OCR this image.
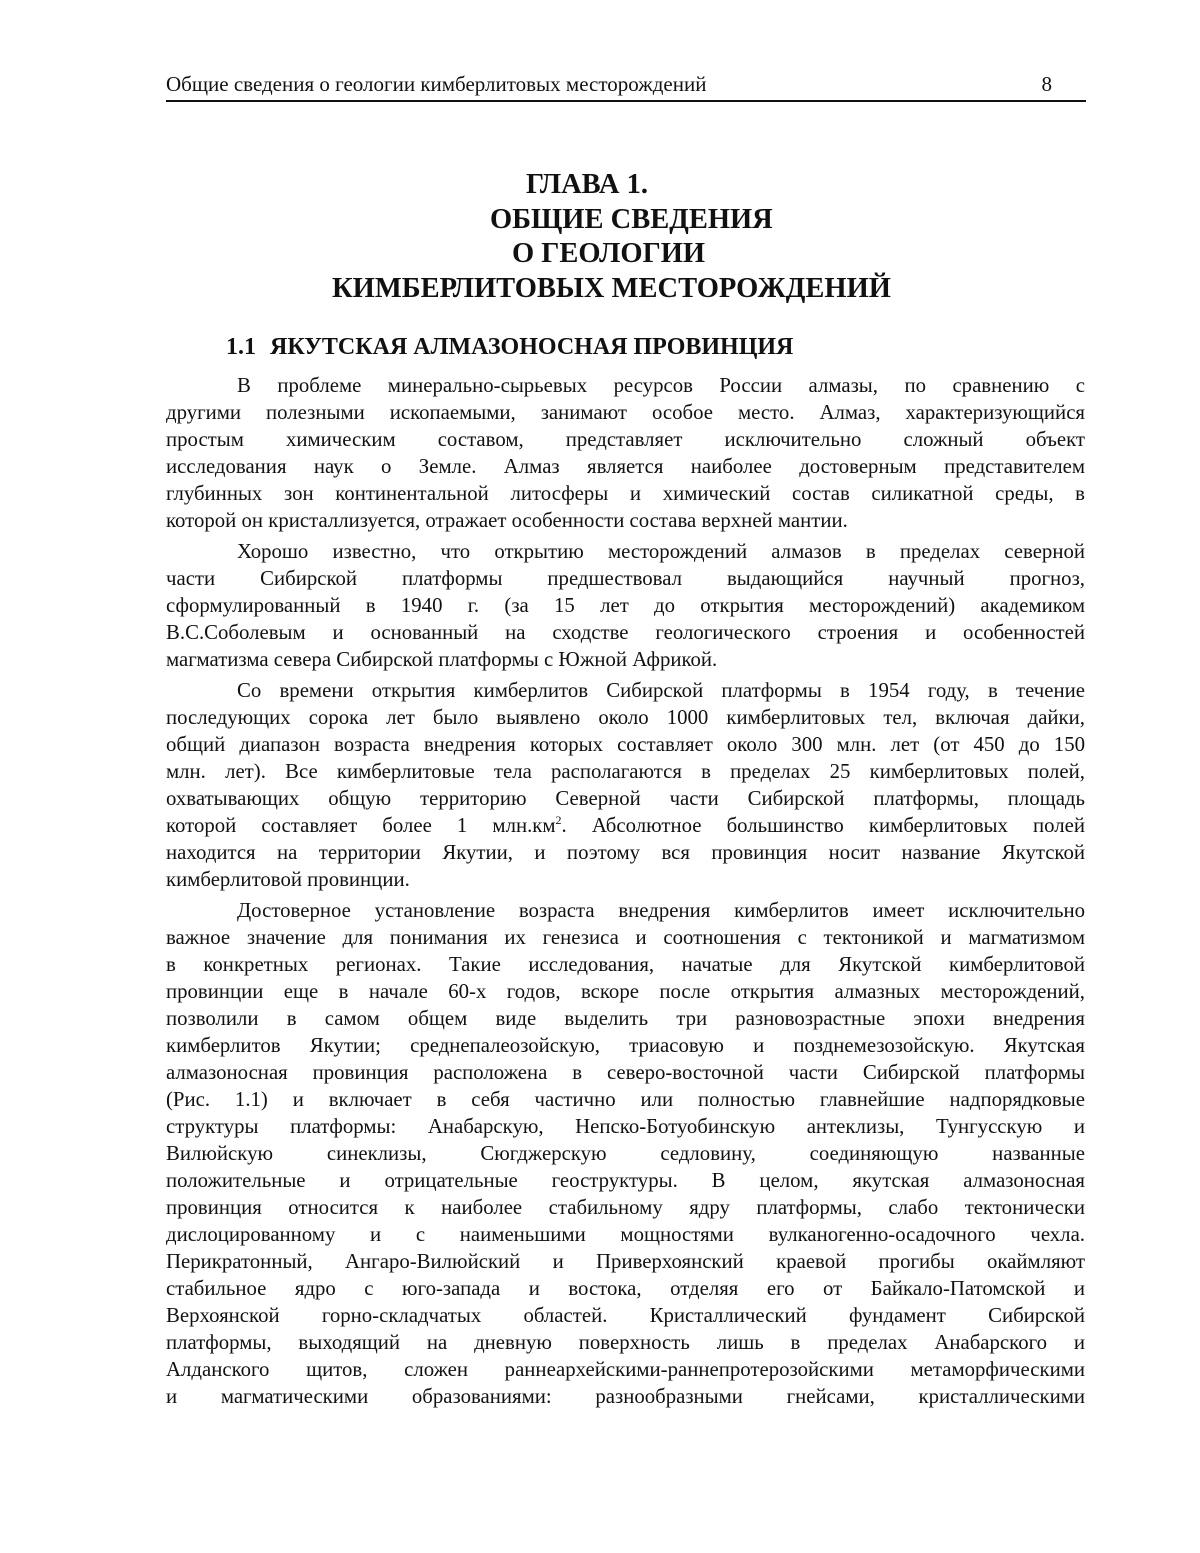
Общие сведения о геологии кимберлитовых месторождений	8
ГЛАВА 1.
ОБЩИЕ СВЕДЕНИЯ
О ГЕОЛОГИИ
КИМБЕРЛИТОВЫХ МЕСТОРОЖДЕНИЙ
1.1 ЯКУТСКАЯ АЛМАЗОНОСНАЯ ПРОВИНЦИЯ
В проблеме минерально-сырьевых ресурсов России алмазы, по сравнению с
другими полезными ископаемыми, занимают особое место. Алмаз, характеризующийся
простым химическим составом, представляет исключительно сложный объект
исследования наук о Земле. Алмаз является наиболее достоверным представителем
глубинных зон континентальной литосферы и химический состав силикатной среды, в
которой он кристаллизуется, отражает особенности состава верхней мантии.
Хорошо известно, что открытию месторождений алмазов в пределах северной
части Сибирской платформы предшествовал выдающийся научный прогноз,
сформулированный в 1940 г. (за 15 лет до открытия месторождений) академиком
В.С.Соболевым и основанный на сходстве геологического строения и особенностей
магматизма севера Сибирской платформы с Южной Африкой.
Со времени открытия кимберлитов Сибирской платформы в 1954 году, в течение
последующих сорока лет было выявлено около 1000 кимберлитовых тел, включая дайки,
общий диапазон возраста внедрения которых составляет около 300 млн. лет (от 450 до 150
млн. лет). Все кимберлитовые тела располагаются в пределах 25 кимберлитовых полей,
охватывающих общую территорию Северной части Сибирской платформы, площадь
которой составляет более 1 $млн.км^2$. Абсолютное большинство кимберлитовых полей
находится на территории Якутии, и поэтому вся провинция носит название Якутской
кимберлитовой провинции.
Достоверное установление возраста внедрения кимберлитов имеет исключительно
важное значение для понимания их генезиса и соотношения с тектоникой и магматизмом
в конкретных регионах. Такие исследования, начатые для Якутской кимберлитовой
провинции еще в начале 60-х годов, вскоре после открытия алмазных месторождений,
позволили в самом общем виде выделить три разновозрастные эпохи внедрения
кимберлитов Якутии; среднепалеозойскую, триасовую и позднемезозойскую. Якутская
алмазоносная провинция расположена в северо-восточной части Сибирской платформы
(Рис. 1.1) и включает в себя частично или полностью главнейшие надпорядковые
структуры платформы: Анабарскую, Непско-Ботуобинскую антеклизы, Тунгусскую и
Вилюйскую синеклизы, Сюгджерскую седловину, соединяющую названные
положительные и отрицательные геоструктуры. В целом, якутская алмазоносная
провинция относится к наиболее стабильному ядру платформы, слабо тектонически
дислоцированному и с наименьшими мощностями вулканогенно-осадочного чехла.
Перикратонный, Ангаро-Вилюйский и Приверхоянский краевой прогибы окаймляют
стабильное ядро с юго-запада и востока, отделяя его от Байкало-Патомской и
Верхоянской горно-складчатых областей. Кристаллический фундамент Сибирской
платформы, выходящий на дневную поверхность лишь в пределах Анабарского и
Алданского щитов, сложен раннеархейскими-раннепротерозойскими метаморфическими
и магматическими образованиями: разнообразными гнейсами, кристаллическими
